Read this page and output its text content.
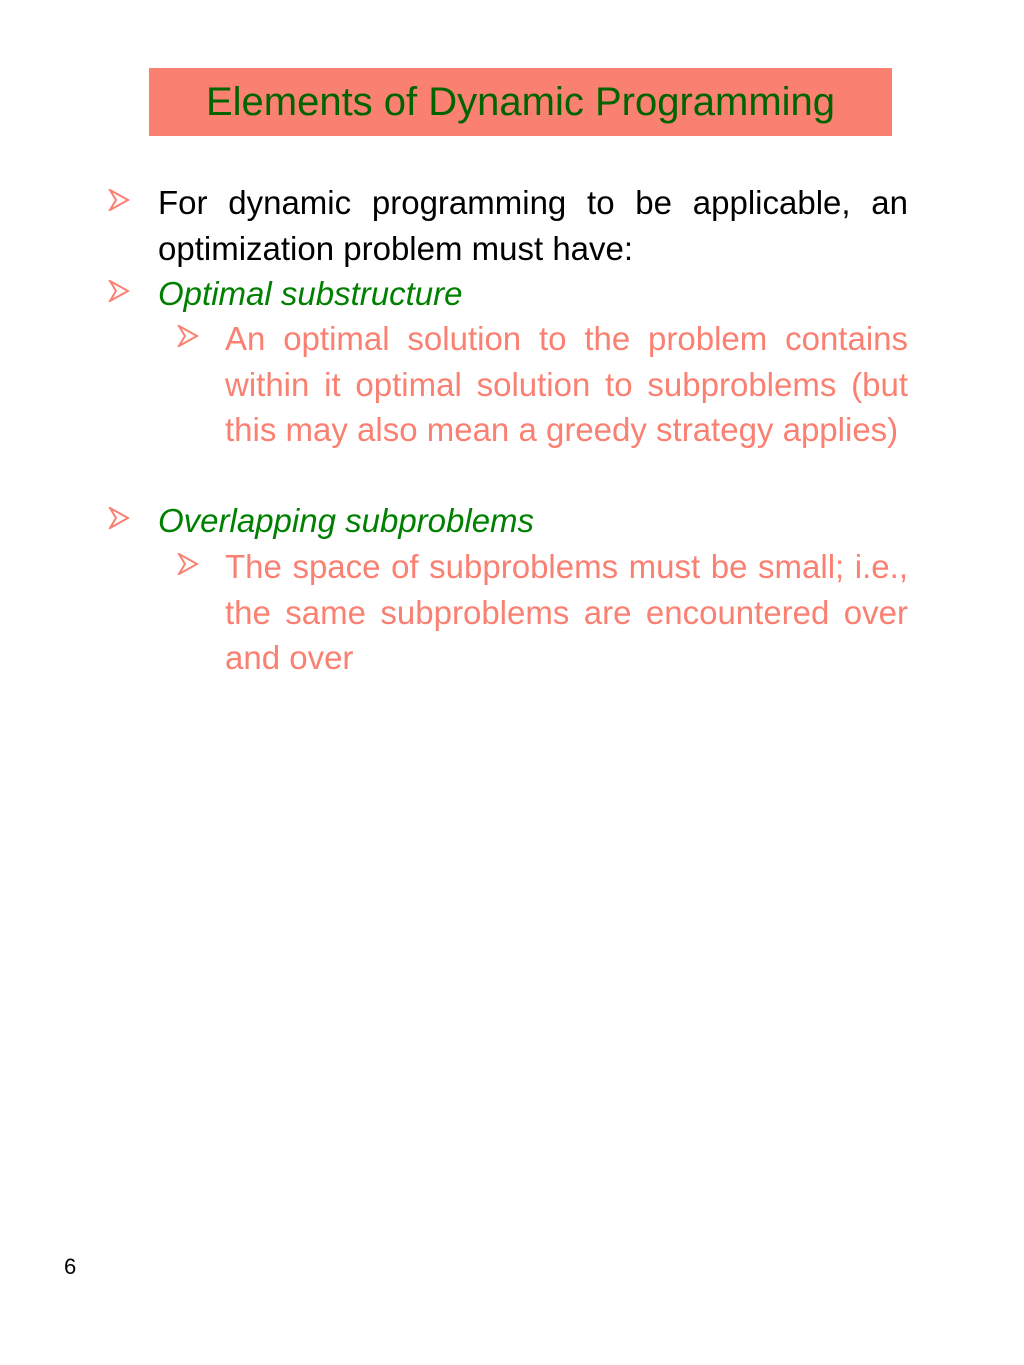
Elements of Dynamic Programming
For dynamic programming to be applicable, an optimization problem must have:
Optimal substructure
An optimal solution to the problem contains within it optimal solution to subproblems (but this may also mean a greedy strategy applies)
Overlapping subproblems
The space of subproblems must be small; i.e., the same subproblems are encountered over and over
6
